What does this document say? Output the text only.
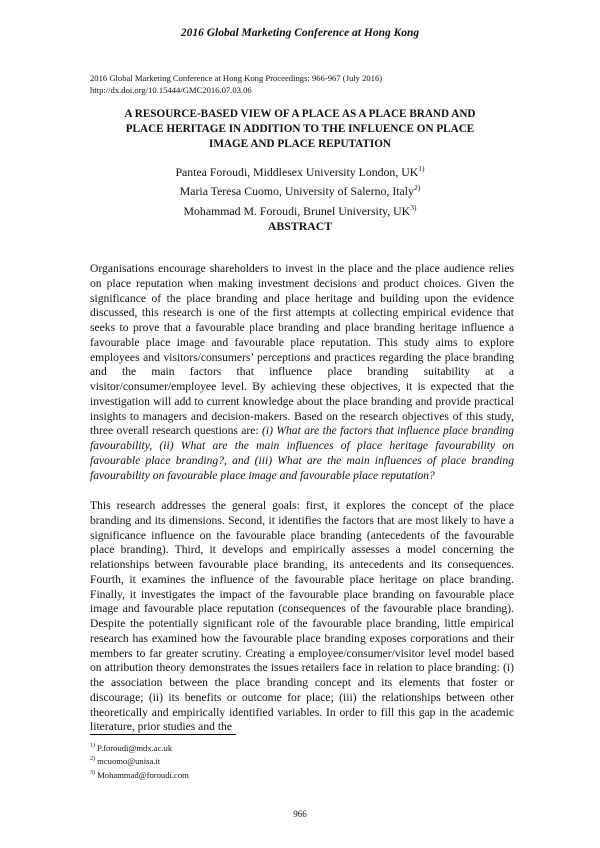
2016 Global Marketing Conference at Hong Kong
2016 Global Marketing Conference at Hong Kong Proceedings: 966-967 (July 2016)
http://dx.doi.org/10.15444/GMC2016.07.03.06
A RESOURCE-BASED VIEW OF A PLACE AS A PLACE BRAND AND
PLACE HERITAGE IN ADDITION TO THE INFLUENCE ON PLACE
IMAGE AND PLACE REPUTATION
Pantea Foroudi, Middlesex University London, UK$^{1)}$
Maria Teresa Cuomo, University of Salerno, Italy$^{2)}$
Mohammad M. Foroudi, Brunel University, UK$^{3)}$
ABSTRACT
Organisations encourage shareholders to invest in the place and the place audience relies on place reputation when making investment decisions and product choices. Given the significance of the place branding and place heritage and building upon the evidence discussed, this research is one of the first attempts at collecting empirical evidence that seeks to prove that a favourable place branding and place branding heritage influence a favourable place image and favourable place reputation. This study aims to explore employees and visitors/consumers’ perceptions and practices regarding the place branding and the main factors that influence place branding suitability at a visitor/consumer/employee level. By achieving these objectives, it is expected that the investigation will add to current knowledge about the place branding and provide practical insights to managers and decision-makers. Based on the research objectives of this study, three overall research questions are: (i) What are the factors that influence place branding favourability, (ii) What are the main influences of place heritage favourability on favourable place branding?, and (iii) What are the main influences of place branding favourability on favourable place image and favourable place reputation?
This research addresses the general goals: first, it explores the concept of the place branding and its dimensions. Second, it identifies the factors that are most likely to have a significance influence on the favourable place branding (antecedents of the favourable place branding). Third, it develops and empirically assesses a model concerning the relationships between favourable place branding, its antecedents and its consequences. Fourth, it examines the influence of the favourable place heritage on place branding. Finally, it investigates the impact of the favourable place branding on favourable place image and favourable place reputation (consequences of the favourable place branding). Despite the potentially significant role of the favourable place branding, little empirical research has examined how the favourable place branding exposes corporations and their members to far greater scrutiny. Creating a employee/consumer/visitor level model based on attribution theory demonstrates the issues retailers face in relation to place branding: (i) the association between the place branding concept and its elements that foster or discourage; (ii) its benefits or outcome for place; (iii) the relationships between other theoretically and empirically identified variables. In order to fill this gap in the academic literature, prior studies and the
$^{1)}$ P.foroudi@mdx.ac.uk
$^{2)}$ mcuomo@unisa.it
$^{3)}$ Mohammad@foroudi.com
966
